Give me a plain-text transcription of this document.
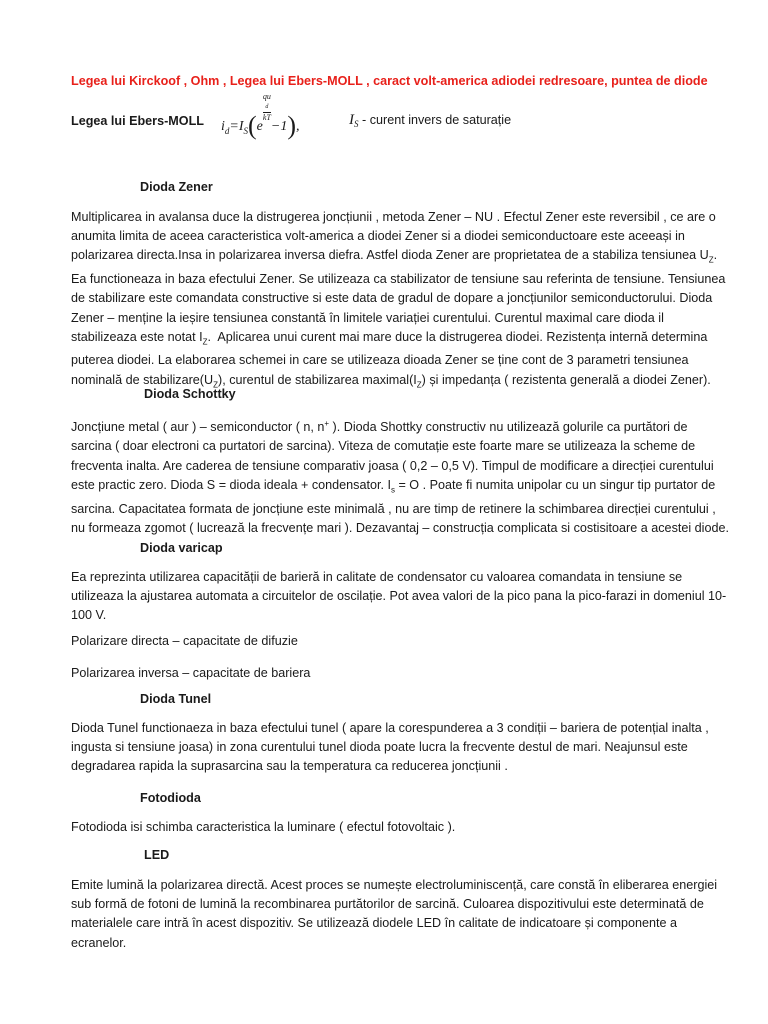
Legea lui Kirckoof , Ohm , Legea lui Ebers-MOLL , caract volt-americа adiodei redresoare, puntea de diode
Legea lui Ebers-MOLL $i_d=I_S(e$
qu
d
kT
−1),	$I_S$ - curent invers de saturație
Dioda Zener
Multiplicarea in avalansa duce la distrugerea joncțiunii , metoda Zener – NU . Efectul Zener este reversibil , ce are o
anumita limita de aceea caracteristica volt-americа a diodei Zener si a diodei semiconductoare este aceeași in
polarizarea directa.Insa in polarizarea inversa diefra. Astfel dioda Zener are proprietatea de a stabiliza tensiunea $U_Z$.
Ea functioneaza in baza efectului Zener. Se utilizeaza ca stabilizator de tensiune sau referinta de tensiune. Tensiunea
de stabilizare este comandata constructive si este data de gradul de dopare a joncțiunilor semiconductorului. Dioda
Zener – menține la ieșire tensiunea constantă în limitele variației curentului. Curentul maximal care dioda il
stabilizeaza este notat $I_Z$. Aplicarea unui curent mai mare duce la distrugerea diodei. Rezistența internă determina
puterea diodei. La elaborarea schemei in care se utilizeaza dioada Zener se ține cont de 3 parametri tensiunea
nominală de $stabilizare(U_Z)$, curentul de stabilizarea $maximal(I_Z)$ și impedanța ( rezistenta generală a diodei Zener).
Dioda Schottky
Joncțiune metal ( aur ) – semiconductor ( n, n+ ). Dioda Shottky constructiv nu utilizează golurile ca purtători de
sarcina ( doar electroni ca purtatori de sarcina). Viteza de comutație este foarte mare se utilizeaza la scheme de
frecventa inalta. Are caderea de tensiune comparativ joasa ( 0,2 – 0,5 V). Timpul de modificare a direcției curentului
este practic zero. Dioda S = dioda ideala + condensator. $I_s = O$ . Poate fi numita unipolar cu un singur tip purtator de
sarcina. Capacitatea formata de joncțiune este minimală , nu are timp de retinere la schimbarea direcției curentului ,
nu formeaza zgomot ( lucrează la frecvențe mari ). Dezavantaj – construcția complicata si costisitoare a acestei diode.
Dioda varicap
Ea reprezinta utilizarea capacității de barieră in calitate de condensator cu valoarea comandata in tensiune se
utilizeaza la ajustarea automata a circuitelor de oscilație. Pot avea valori de la pico pana la pico-farazi in domeniul 10-
100 V.
Polarizare directa – capacitate de difuzie
Polarizarea inversa – capacitate de bariera
Dioda Tunel
Dioda Tunel functionaeza in baza efectului tunel ( apare la corespunderea a 3 condiții – bariera de potențial inalta ,
ingusta si tensiune joasa) in zona curentului tunel dioda poate lucra la frecvente destul de mari. Neajunsul este
degradarea rapida la suprasarcina sau la temperatura ca reducerea joncțiunii .
Fotodioda
Fotodioda isi schimba caracteristica la luminare ( efectul fotovoltaic ).
LED
Emite lumină la polarizarea directă. Acest proces se numește electroluminiscență, care constă în eliberarea energiei
sub formă de fotoni de lumină la recombinarea purtătorilor de sarcină. Culoarea dispozitivului este determinată de
materialele care intră în acest dispozitiv. Se utilizează diodele LED în calitate de indicatoare și componente a
ecranelor.
